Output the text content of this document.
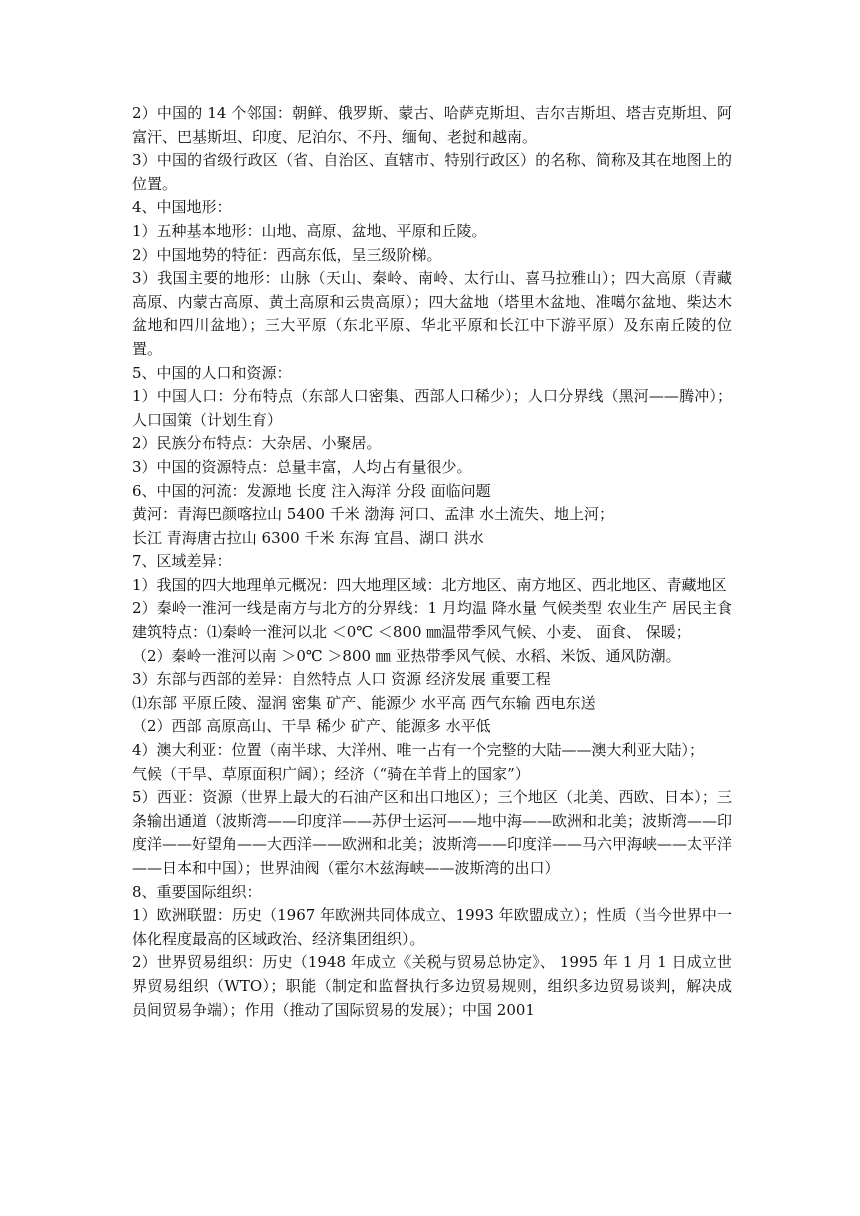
2）中国的 14 个邻国：朝鲜、俄罗斯、蒙古、哈萨克斯坦、吉尔吉斯坦、塔吉克斯坦、阿富汗、巴基斯坦、印度、尼泊尔、不丹、缅甸、老挝和越南。

3）中国的省级行政区（省、自治区、直辖市、特别行政区）的名称、简称及其在地图上的位置。

4、中国地形：

1）五种基本地形：山地、高原、盆地、平原和丘陵。

2）中国地势的特征：西高东低，呈三级阶梯。

3）我国主要的地形：山脉（天山、秦岭、南岭、太行山、喜马拉雅山）；四大高原（青藏高原、内蒙古高原、黄土高原和云贵高原）；四大盆地（塔里木盆地、准噶尔盆地、柴达木盆地和四川盆地）；三大平原（东北平原、华北平原和长江中下游平原）及东南丘陵的位置。

5、中国的人口和资源：

1）中国人口：分布特点（东部人口密集、西部人口稀少）；人口分界线（黑河——腾冲）；人口国策（计划生育）

2）民族分布特点：大杂居、小聚居。

3）中国的资源特点：总量丰富，人均占有量很少。

6、中国的河流：发源地 长度 注入海洋 分段 面临问题

黄河：青海巴颜喀拉山 5400 千米 渤海 河口、孟津 水土流失、地上河；

长江 青海唐古拉山 6300 千米 东海 宜昌、湖口 洪水

7、区域差异：

1）我国的四大地理单元概况：四大地理区域：北方地区、南方地区、西北地区、青藏地区

2）秦岭一淮河一线是南方与北方的分界线：1 月均温 降水量 气候类型 农业生产 居民主食 建筑特点：⑴秦岭一淮河以北 ＜0℃ ＜800 ㎜温带季风气候、小麦、 面食、 保暖；

（2）秦岭一淮河以南 ＞0℃ ＞800 ㎜ 亚热带季风气候、水稻、米饭、通风防潮。

3）东部与西部的差异：自然特点 人口 资源 经济发展 重要工程

⑴东部 平原丘陵、湿润 密集 矿产、能源少 水平高 西气东输 西电东送

（2）西部 高原高山、干旱 稀少 矿产、能源多 水平低

4）澳大利亚：位置（南半球、大洋州、唯一占有一个完整的大陆——澳大利亚大陆）；

气候（干旱、草原面积广阔）；经济（“骑在羊背上的国家”）

5）西亚：资源（世界上最大的石油产区和出口地区）；三个地区（北美、西欧、日本）；三条输出通道（波斯湾——印度洋——苏伊士运河——地中海——欧洲和北美；波斯湾——印度洋——好望角——大西洋——欧洲和北美；波斯湾——印度洋——马六甲海峡——太平洋——日本和中国）；世界油阀（霍尔木兹海峡——波斯湾的出口）

8、重要国际组织：

1）欧洲联盟：历史（1967 年欧洲共同体成立、1993 年欧盟成立）；性质（当今世界中一体化程度最高的区域政治、经济集团组织）。

2）世界贸易组织：历史（1948 年成立《关税与贸易总协定》、 1995 年 1 月 1 日成立世界贸易组织（WTO）；职能（制定和监督执行多边贸易规则，组织多边贸易谈判，解决成员间贸易争端）；作用（推动了国际贸易的发展）；中国 2001
